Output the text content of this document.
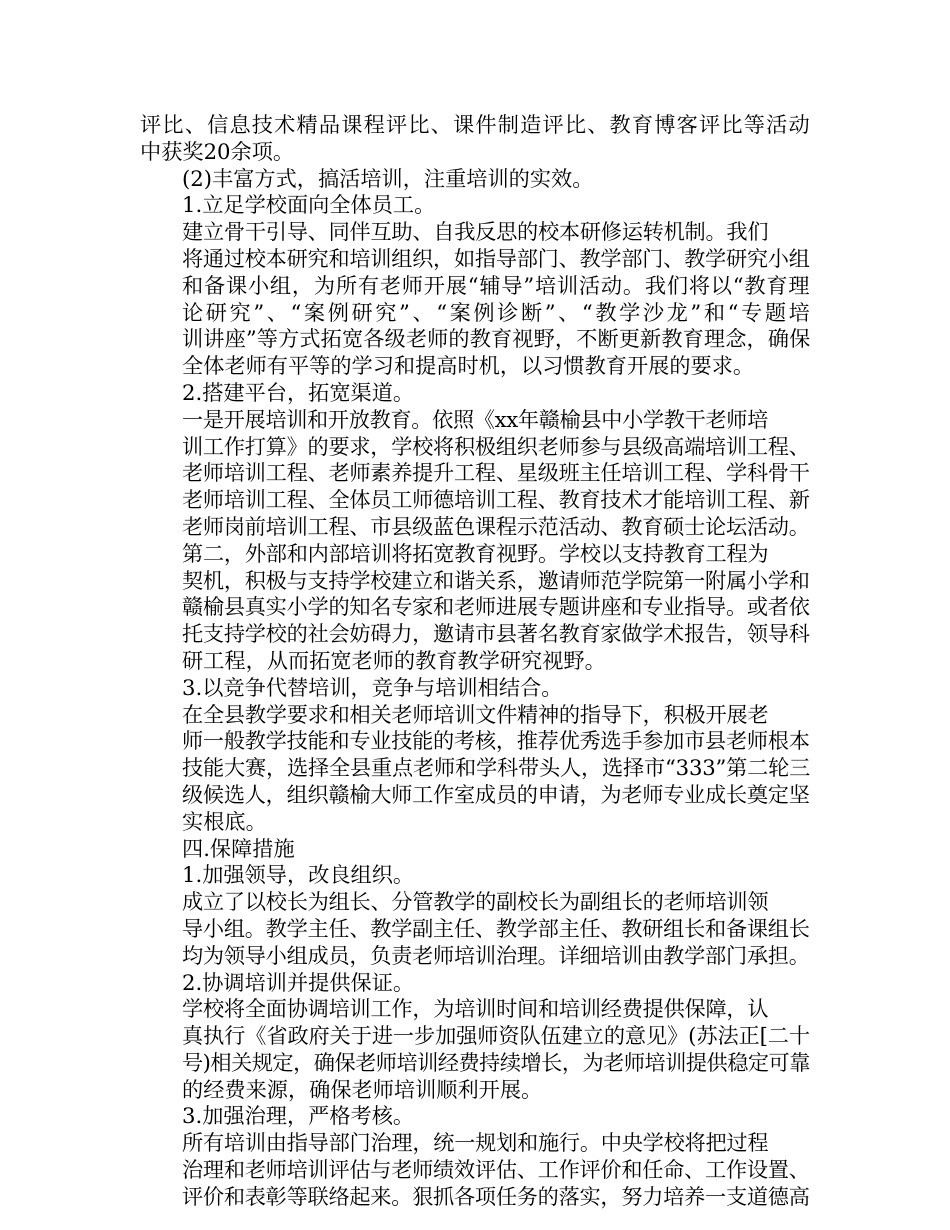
评比、信息技术精品课程评比、课件制造评比、教育博客评比等活动
中获奖20余项。
(2)丰富方式，搞活培训，注重培训的实效。
1.立足学校面向全体员工。
建立骨干引导、同伴互助、自我反思的校本研修运转机制。我们
将通过校本研究和培训组织，如指导部门、教学部门、教学研究小组
和备课小组，为所有老师开展“辅导”培训活动。我们将以“教育理
论研究”、“案例研究”、“案例诊断”、“教学沙龙”和“专题培
训讲座”等方式拓宽各级老师的教育视野，不断更新教育理念，确保
全体老师有平等的学习和提高时机，以习惯教育开展的要求。
2.搭建平台，拓宽渠道。
一是开展培训和开放教育。依照《xx年赣榆县中小学教干老师培
训工作打算》的要求，学校将积极组织老师参与县级高端培训工程、
老师培训工程、老师素养提升工程、星级班主任培训工程、学科骨干
老师培训工程、全体员工师德培训工程、教育技术才能培训工程、新
老师岗前培训工程、市县级蓝色课程示范活动、教育硕士论坛活动。
第二，外部和内部培训将拓宽教育视野。学校以支持教育工程为
契机，积极与支持学校建立和谐关系，邀请师范学院第一附属小学和
赣榆县真实小学的知名专家和老师进展专题讲座和专业指导。或者依
托支持学校的社会妨碍力，邀请市县著名教育家做学术报告，领导科
研工程，从而拓宽老师的教育教学研究视野。
3.以竞争代替培训，竞争与培训相结合。
在全县教学要求和相关老师培训文件精神的指导下，积极开展老
师一般教学技能和专业技能的考核，推荐优秀选手参加市县老师根本
技能大赛，选择全县重点老师和学科带头人，选择市“333”第二轮三
级候选人，组织赣榆大师工作室成员的申请，为老师专业成长奠定坚
实根底。
四.保障措施
1.加强领导，改良组织。
成立了以校长为组长、分管教学的副校长为副组长的老师培训领
导小组。教学主任、教学副主任、教学部主任、教研组长和备课组长
均为领导小组成员，负责老师培训治理。详细培训由教学部门承担。
2.协调培训并提供保证。
学校将全面协调培训工作，为培训时间和培训经费提供保障，认
真执行《省政府关于进一步加强师资队伍建立的意见》(苏法正[二十
号)相关规定，确保老师培训经费持续增长，为老师培训提供稳定可靠
的经费来源，确保老师培训顺利开展。
3.加强治理，严格考核。
所有培训由指导部门治理，统一规划和施行。中央学校将把过程
治理和老师培训评估与老师绩效评估、工作评价和任命、工作设置、
评价和表彰等联络起来。狠抓各项任务的落实，努力培养一支道德高
